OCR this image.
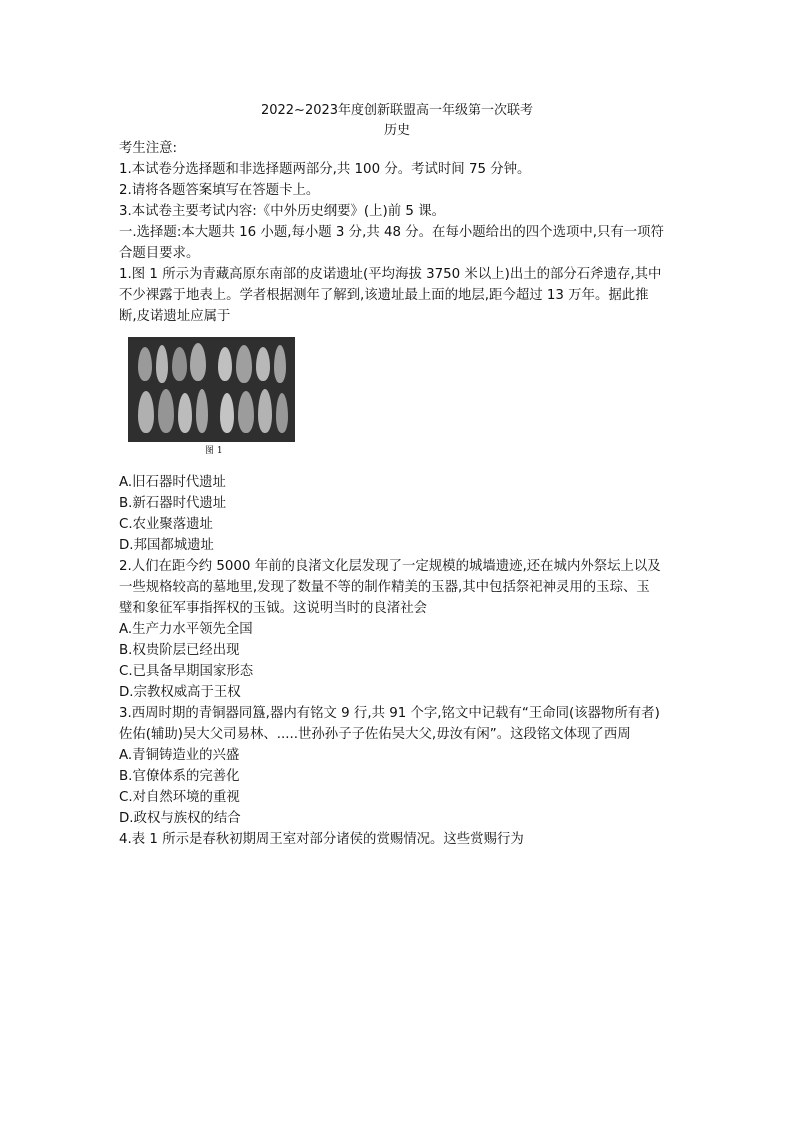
2022~2023年度创新联盟高一年级第一次联考
历史
考生注意:
1.本试卷分选择题和非选择题两部分,共 100 分。考试时间 75 分钟。
2.请将各题答案填写在答题卡上。
3.本试卷主要考试内容:《中外历史纲要》(上)前 5 课。
一.选择题:本大题共 16 小题,每小题 3 分,共 48 分。在每小题给出的四个选项中,只有一项符
合题目要求。
1.图 1 所示为青藏高原东南部的皮诺遗址(平均海拔 3750 米以上)出土的部分石斧遗存,其中
不少裸露于地表上。学者根据测年了解到,该遗址最上面的地层,距今超过 13 万年。据此推
断,皮诺遗址应属于
图 1
A.旧石器时代遗址
B.新石器时代遗址
C.农业聚落遗址
D.邦国都城遗址
2.人们在距今约 5000 年前的良渚文化层发现了一定规模的城墙遗迹,还在城内外祭坛上以及
一些规格较高的墓地里,发现了数量不等的制作精美的玉器,其中包括祭祀神灵用的玉琮、玉
璧和象征军事指挥权的玉钺。这说明当时的良渚社会
A.生产力水平领先全国
B.权贵阶层已经出现
C.已具备早期国家形态
D.宗教权威高于王权
3.西周时期的青铜器同簋,器内有铭文 9 行,共 91 个字,铭文中记载有“王命同(该器物所有者)
佐佑(辅助)吴大父司易林、.....世孙孙子子佐佑吴大父,毋汝有闲”。这段铭文体现了西周
A.青铜铸造业的兴盛
B.官僚体系的完善化
C.对自然环境的重视
D.政权与族权的结合
4.表 1 所示是春秋初期周王室对部分诸侯的赏赐情况。这些赏赐行为
